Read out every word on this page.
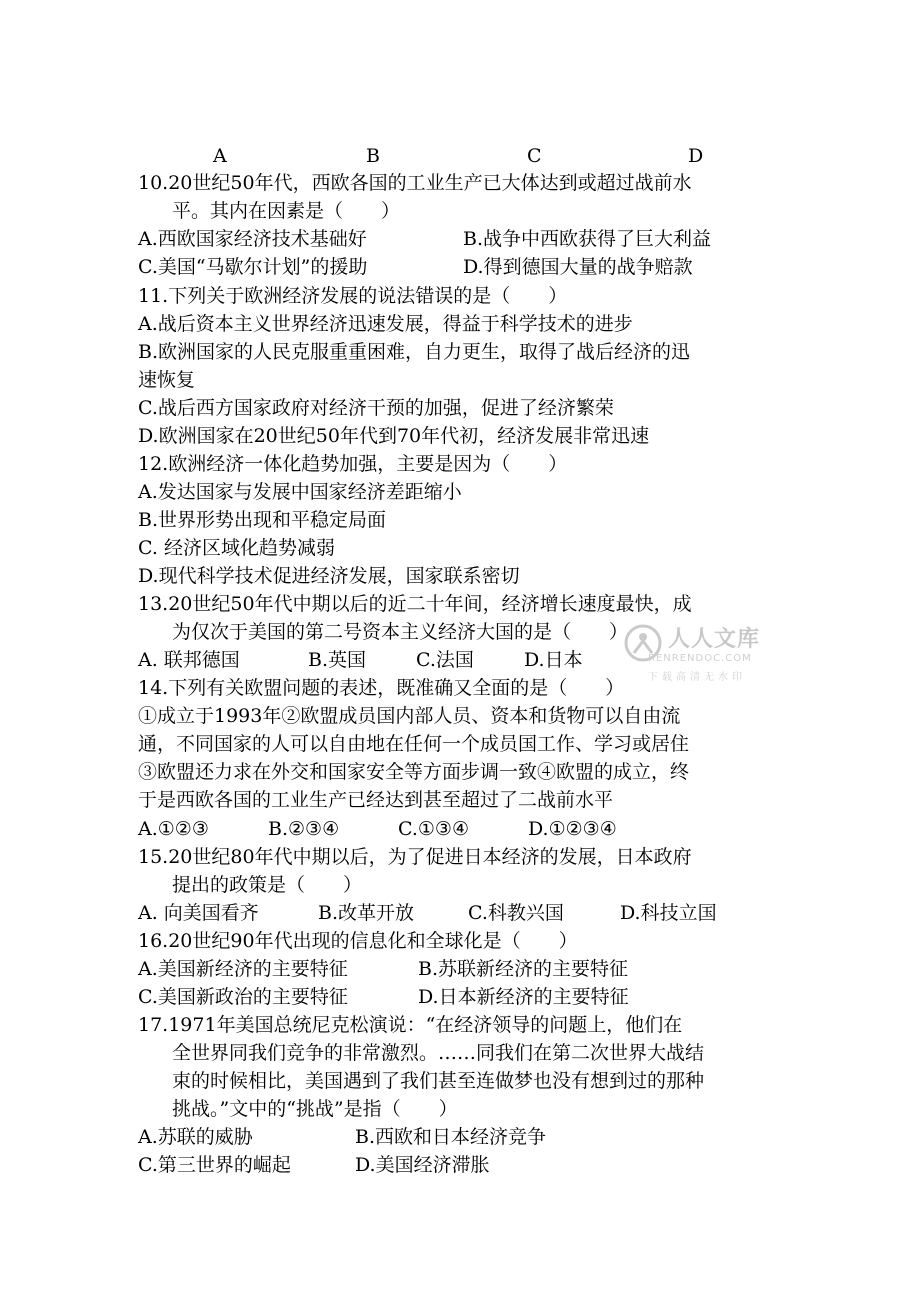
A	B	C	D
10.20世纪50年代，西欧各国的工业生产已大体达到或超过战前水
平。其内在因素是（　　）
A.西欧国家经济技术基础好	B.战争中西欧获得了巨大利益
C.美国“马歇尔计划”的援助	D.得到德国大量的战争赔款
11.下列关于欧洲经济发展的说法错误的是（　　）
A.战后资本主义世界经济迅速发展，得益于科学技术的进步
B.欧洲国家的人民克服重重困难，自力更生，取得了战后经济的迅
速恢复
C.战后西方国家政府对经济干预的加强，促进了经济繁荣
D.欧洲国家在20世纪50年代到70年代初，经济发展非常迅速
12.欧洲经济一体化趋势加强，主要是因为（　　）
A.发达国家与发展中国家经济差距缩小
B.世界形势出现和平稳定局面
C. 经济区域化趋势减弱
D.现代科学技术促进经济发展，国家联系密切
13.20世纪50年代中期以后的近二十年间，经济增长速度最快，成
为仅次于美国的第二号资本主义经济大国的是（　　）
A. 联邦德国	B.英国	C.法国	D.日本
14.下列有关欧盟问题的表述，既准确又全面的是（　　）
①成立于1993年②欧盟成员国内部人员、资本和货物可以自由流
通，不同国家的人可以自由地在任何一个成员国工作、学习或居住
③欧盟还力求在外交和国家安全等方面步调一致④欧盟的成立，终
于是西欧各国的工业生产已经达到甚至超过了二战前水平
A.①②③	B.②③④	C.①③④	D.①②③④
15.20世纪80年代中期以后，为了促进日本经济的发展，日本政府
提出的政策是（　　）
A. 向美国看齐	B.改革开放	C.科教兴国	D.科技立国
16.20世纪90年代出现的信息化和全球化是（　　）
A.美国新经济的主要特征	B.苏联新经济的主要特征
C.美国新政治的主要特征	D.日本新经济的主要特征
17.1971年美国总统尼克松演说：“在经济领导的问题上，他们在
全世界同我们竞争的非常激烈。……同我们在第二次世界大战结
束的时候相比，美国遇到了我们甚至连做梦也没有想到过的那种
挑战。”文中的“挑战”是指（　　）
A.苏联的威胁	B.西欧和日本经济竞争
C.第三世界的崛起	D.美国经济滞胀
人人文库
RENRENDOC.COM
下载高清无水印
